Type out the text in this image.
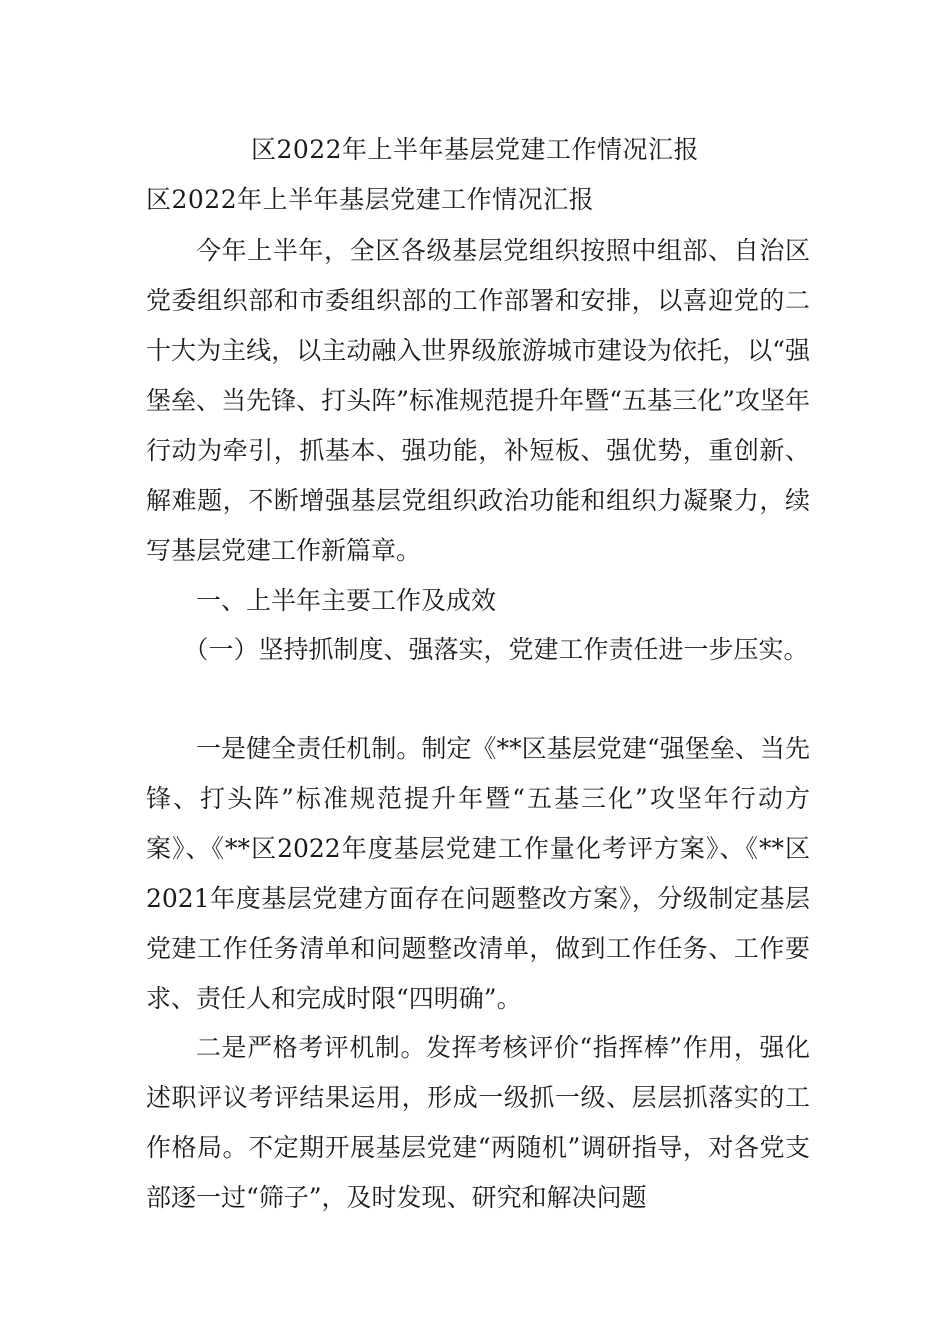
区2022年上半年基层党建工作情况汇报
区2022年上半年基层党建工作情况汇报

今年上半年，全区各级基层党组织按照中组部、自治区党委组织部和市委组织部的工作部署和安排，以喜迎党的二十大为主线，以主动融入世界级旅游城市建设为依托，以“强堡垒、当先锋、打头阵”标准规范提升年暨“五基三化”攻坚年行动为牵引，抓基本、强功能，补短板、强优势，重创新、解难题，不断增强基层党组织政治功能和组织力凝聚力，续写基层党建工作新篇章。

一、上半年主要工作及成效

（一）坚持抓制度、强落实，党建工作责任进一步压实。

一是健全责任机制。制定《**区基层党建“强堡垒、当先锋、打头阵”标准规范提升年暨“五基三化”攻坚年行动方案》、《**区2022年度基层党建工作量化考评方案》、《**区2021年度基层党建方面存在问题整改方案》，分级制定基层党建工作任务清单和问题整改清单，做到工作任务、工作要求、责任人和完成时限“四明确”。

二是严格考评机制。发挥考核评价“指挥棒”作用，强化述职评议考评结果运用，形成一级抓一级、层层抓落实的工作格局。不定期开展基层党建“两随机”调研指导，对各党支部逐一过“筛子”，及时发现、研究和解决问题
